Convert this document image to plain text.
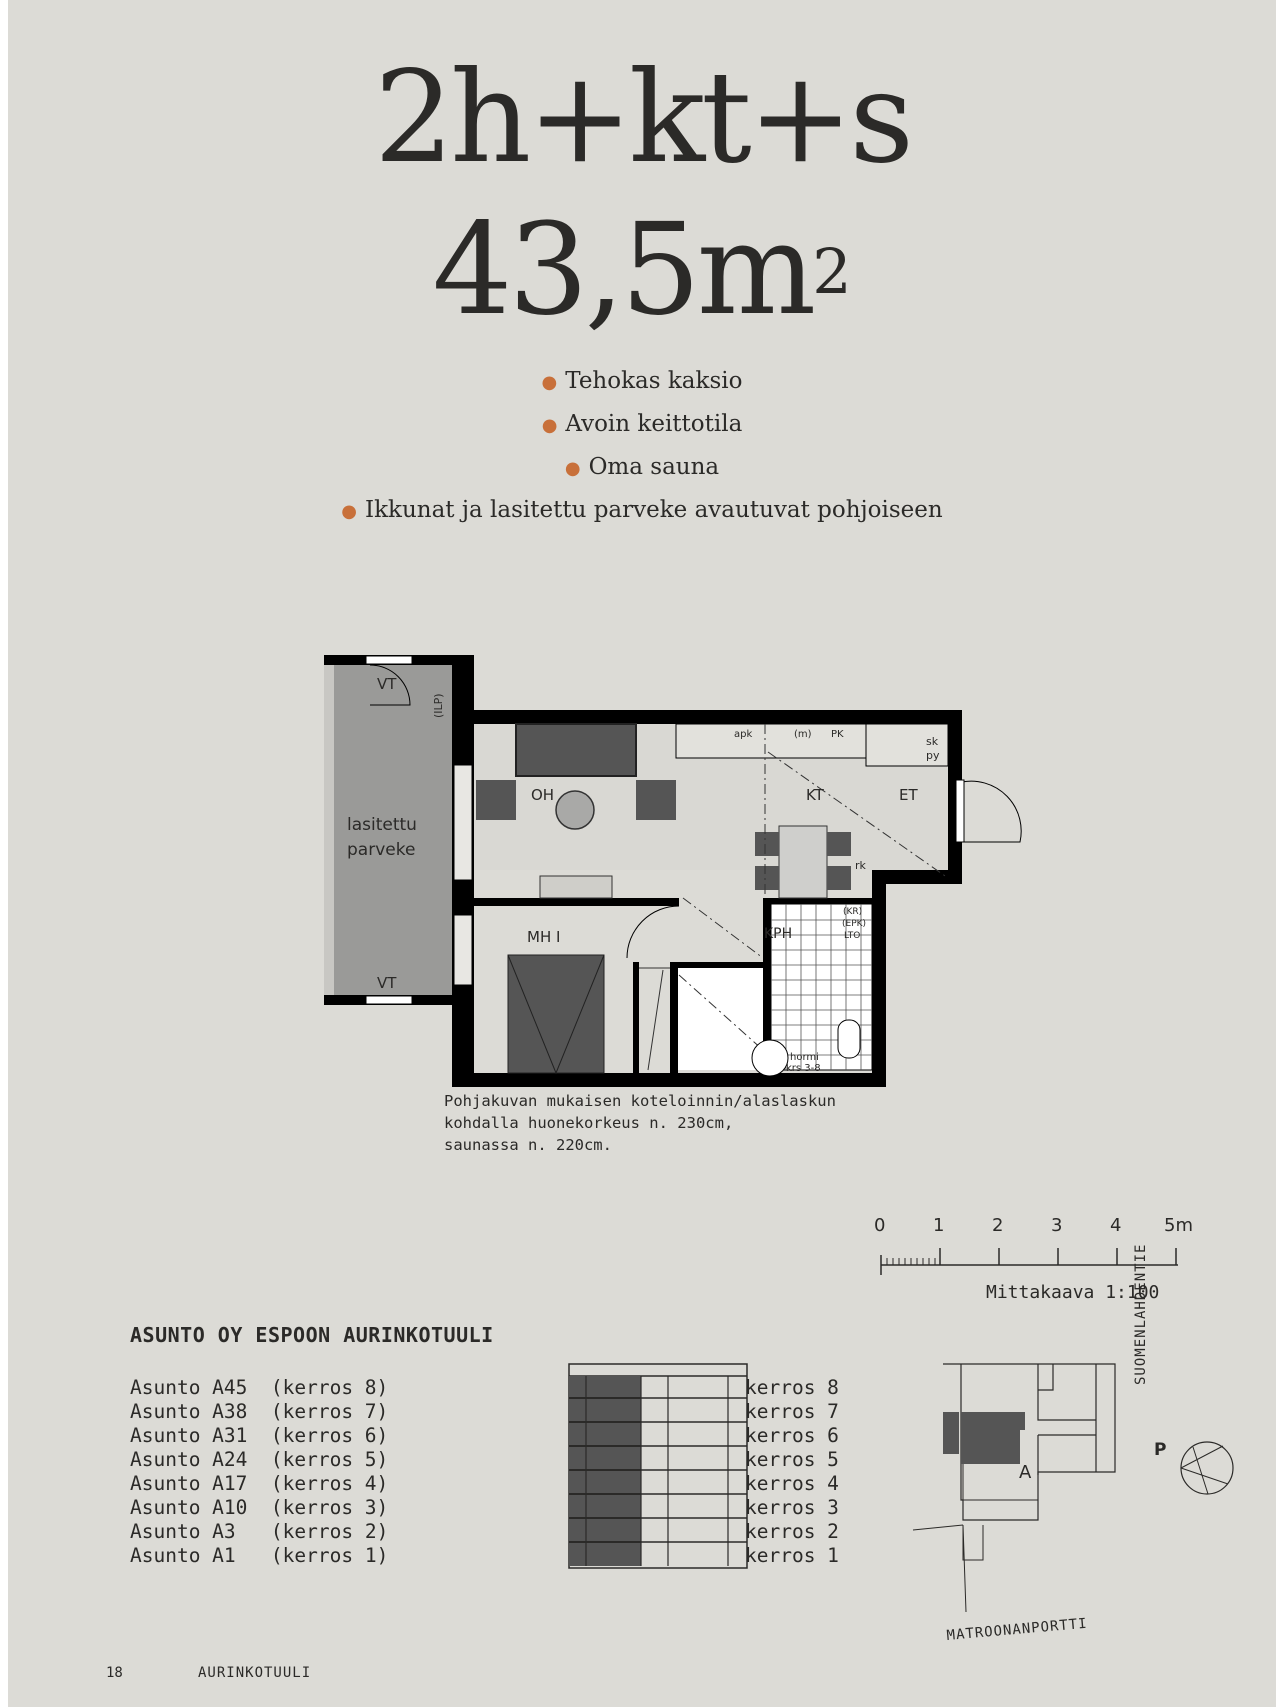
2h+kt+s
$43,5m^2$
● Tehokas kaksio
● Avoin keittotila
● Oma sauna
● Ikkunat ja lasitettu parveke avautuvat pohjoiseen
lasitettu
parveke
VT
VT
(ILP)
OH	KT	ET
MH I	KPH
sk
py
rk
apk	(m) PK
(KR)
(EPK)
LTO
hormi
krs 3-8
A
Pohjakuvan mukaisen koteloinnin/alaslaskun
kohdalla huonekorkeus n. 230cm,
saunassa n. 220cm.
0	1	2	3	4 5m
Mittakaava 1:100
ASUNTO OY ESPOON AURINKOTUULI
Asunto A45 (kerros 8)
Asunto A38 (kerros 7)
Asunto A31 (kerros 6)
Asunto A24 (kerros 5)
Asunto A17 (kerros 4)
Asunto A10 (kerros 3)
Asunto A3 (kerros 2)
Asunto A1 (kerros 1)
kerros 8
kerros 7
kerros 6
kerros 5
kerros 4
kerros 3
kerros 2
kerros 1
SUOMENLAHDENTIE
MATROONANPORTTI
P
18	AURINKOTUULI
